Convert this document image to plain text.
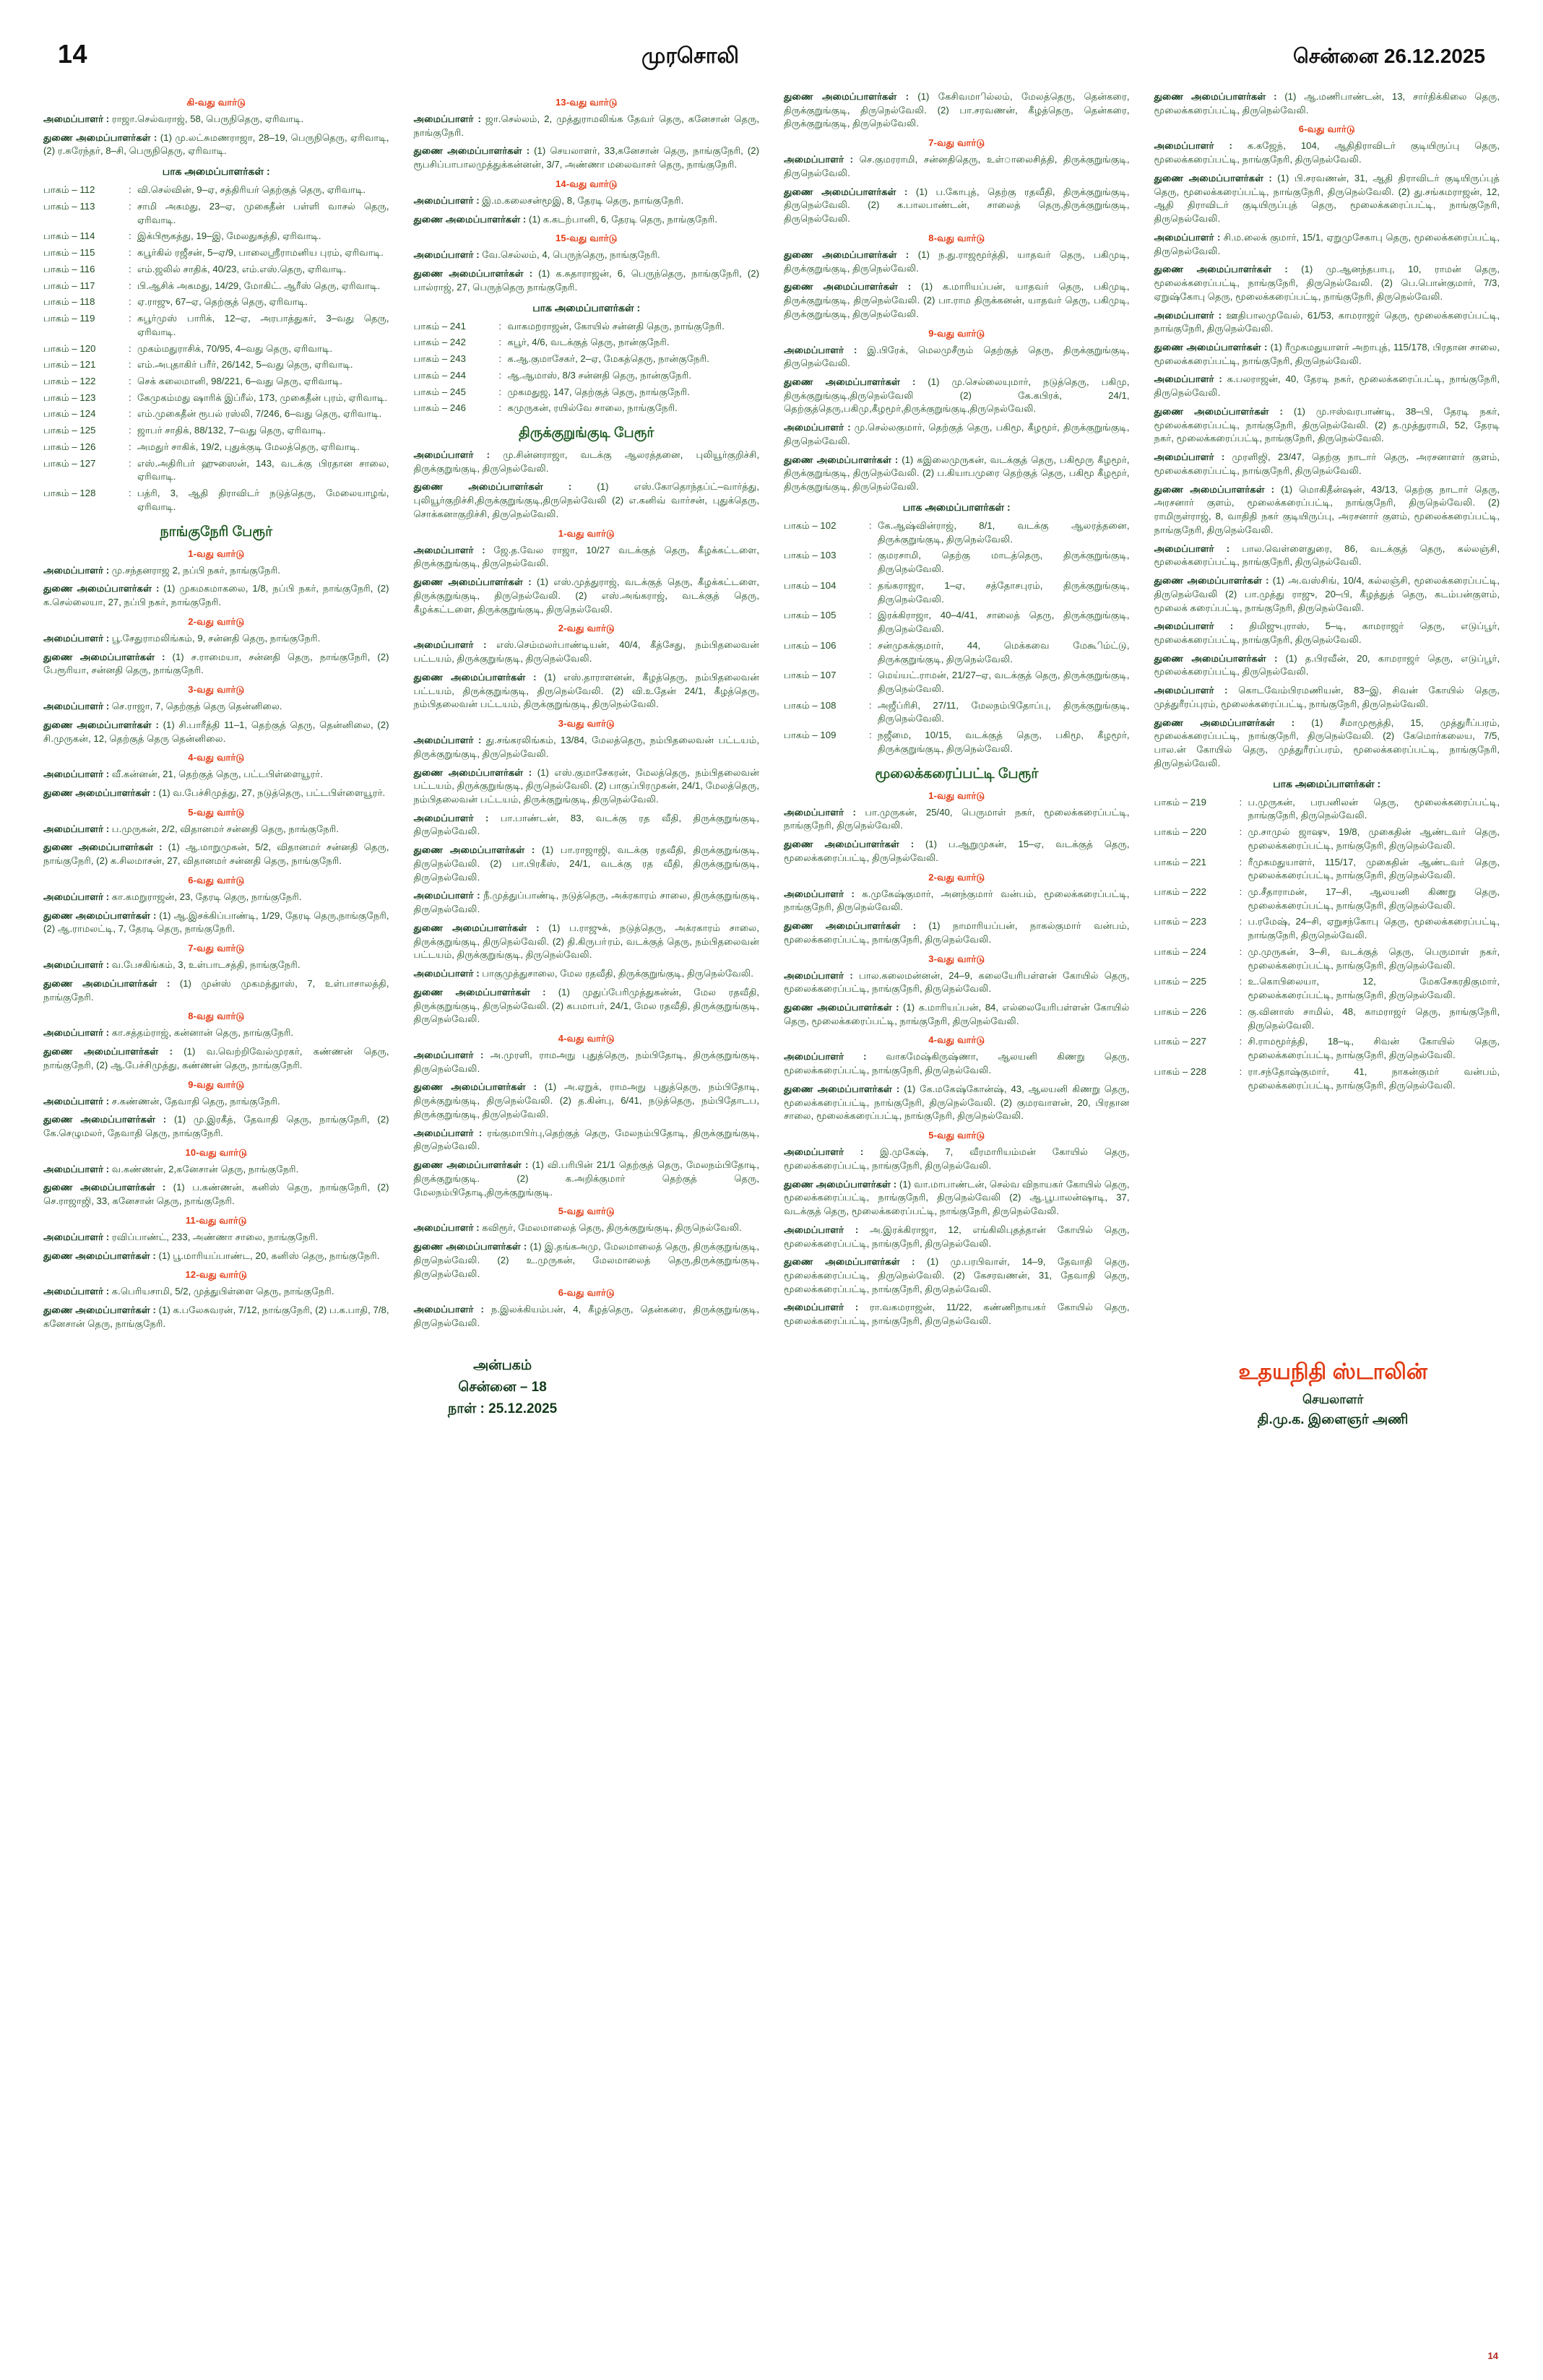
14	முரசொலி	சென்னை 26.12.2025
கி-வது வார்டு

அமைப்பாளர் : ராஜா.செல்வராஜ், 58, பெருநிதெரு, ஏரிவாடி.

துணை அமைப்பாளர்கள் : (1) மு.லட்சுமணராஜா, 28–19, பெருநிதெரு, ஏரிவாடி, (2) ர.சுரேந்தர், 8–சி, பெருநிதெரு, ஏரிவாடி.

பாக அமைப்பாளர்கள் :
பாகம் – 112	: வி.செல்வின், 9–ஏ, சத்திரியர் தெற்குத் தெரு, ஏரிவாடி.
பாகம் – 113	: சாமி அகமது, 23–ஏ, முகைதீன் பள்ளி வாசல் தெரு, ஏரிவாடி.
பாகம் – 114	: இக்பிரூகத்து, 19–இ, மேலதுகத்தி, ஏரிவாடி.
பாகம் – 115	: கபூர்கில் ரஜீசன், 5–ஏ/9, பாலைஸ்ரீராமனிய புரம், ஏரிவாடி.
பாகம் – 116	: எம்.ஜலில் சாதிக், 40/23, எம்.எஸ்.தெரு, ஏரிவாடி.
பாகம் – 117	: பி.ஆசிக் அகமது, 14/29, மோகிட். ஆரீஸ் தெரு, ஏரிவாடி.
பாகம் – 118	: ஏ.ராஜு, 67–ஏ, தெற்குத் தெரு, ஏரிவாடி.
பாகம் – 119	: கபூர்முஸ் பாரிக், 12–ஏ, அரபாத்துகர், 3–வது தெரு, ஏரிவாடி.
பாகம் – 120	: முகம்மதுராசிக், 70/95, 4–வது தெரு, ஏரிவாடி.
பாகம் – 121	: எம்.அபுதாகிர் பரீர், 26/142, 5–வது தெரு, ஏரிவாடி.
பாகம் – 122	: செக் கலைமானி, 98/221, 6–வது தெரு, ஏரிவாடி.
பாகம் – 123	: கேமுகம்மது ஷாரிக் இப்ரீல், 173, முகைதீன் புரம், ஏரிவாடி.
பாகம் – 124	: எம்.முகைதீன் ரூபல் ரஸ்லி, 7/246, 6–வது தெரு, ஏரிவாடி.
பாகம் – 125	: ஜாபர் சாதிக், 88/132, 7–வது தெரு, ஏரிவாடி.
பாகம் – 126	: அமதுர் சாகிக், 19/2, புதுக்குடி மேலத்தெரு, ஏரிவாடி.
பாகம் – 127	: எஸ்.அதிரிபர் ஹுஸைன், 143, வடக்கு பிரதான சாலை, ஏரிவாடி.
பாகம் – 128	: பத்ரி, 3, ஆதி திராவிடர் நடுத்தெரு, மேலையாழங், ஏரிவாடி.
நாங்குநேரி பேரூர்
1-வது வார்டு

அமைப்பாளர் : மு.சந்தனராஜ 2, நப்பி நகர், நாங்குநேரி.

துணை அமைப்பாளர்கள் : (1) முகமகமாகலை, 1/8, நப்பி நகர், நாங்குநேரி, (2) க.செல்லையா, 27, நப்பி நகர், நாங்குநேரி.

2-வது வார்டு

அமைப்பாளர் : பூ.சேதுராமலிங்கம், 9, சன்னதி தெரு, நாங்குநேரி.

துணை அமைப்பாளர்கள் : (1) ச.ராமையா, சன்னதி தெரு, நாங்குநேரி, (2) பேரூரியா, சன்னதி தெரு, நாங்குநேரி.

3-வது வார்டு

அமைப்பாளர் : செ.ராஜா, 7, தெற்குத் தெரு தென்னிலை.

துணை அமைப்பாளர்கள் : (1) சி.பாரீத்தி 11–1, தெற்குத் தெரு, தென்னிலை, (2) சி.முருகன், 12, தெற்குத் தெரு தென்னிலை.

4-வது வார்டு

அமைப்பாளர் : வீ.கன்னன், 21, தெற்குத் தெரு, பட்டபிள்ளையூரர்.

துணை அமைப்பாளர்கள் : (1) வ.பேச்சிமுத்து, 27, நடுத்தெரு, பட்டபிள்ளையூரர்.

5-வது வார்டு

அமைப்பாளர் : ப.முருகன், 2/2, விதானமர் சன்னதி தெரு, நாங்குநேரி.

துணை அமைப்பாளர்கள் : (1) ஆ.மாறுமுகன், 5/2, விதானமர் சன்னதி தெரு, நாங்குநேரி, (2) க.சிலமாசன், 27, விதானமர் சன்னதி தெரு, நாங்குநேரி.

6-வது வார்டு

அமைப்பாளர் : கா.கமறுராஜன், 23, தேரடி தெரு, நாங்குநேரி.

துணை அமைப்பாளர்கள் : (1) ஆ.இசக்கிப்பாண்டி, 1/29, தேரடி தெரு,நாங்குநேரி, (2) ஆ.ராமலட்டி, 7, தேரடி தெரு, நாங்குநேரி.

7-வது வார்டு

அமைப்பாளர் : வ.பேசகிங்கம், 3, உள்பாடசத்தி, நாங்குநேரி.

துணை அமைப்பாளர்கள் : (1) முன்ஸ் முகமத்துாஸ், 7, உள்பாசாலத்தி, நாங்குநேரி.

8-வது வார்டு

அமைப்பாளர் : கா.சத்தம்ராஜ், கன்னான் தெரு, நாங்குநேரி.

துணை அமைப்பாளர்கள் : (1) வ.வெற்றிவேல்முரகர், கண்ணன் தெரு, நாங்குநேரி, (2) ஆ.பேச்சிமுத்து, கண்ணன் தெரு, நாங்குநேரி.

9-வது வார்டு

அமைப்பாளர் : ச.கண்ணன், தேவாதி தெரு, நாங்குநேரி.

துணை அமைப்பாளர்கள் : (1) மு.இரகீத், தேவாதி தெரு, நாங்குநேரி, (2) கே.செழுமலர், தேவாதி தெரு, நாங்குநேரி.

10-வது வார்டு

அமைப்பாளர் : வ.கண்ணன், 2,கனேசான் தெரு, நாங்குநேரி.

துணை அமைப்பாளர்கள் : (1) ப.கண்ணன், கனிஸ் தெரு, நாங்குநேரி, (2) செ.ராஜாஜி, 33, கனேசான் தெரு, நாங்குநேரி.

11-வது வார்டு

அமைப்பாளர் : ரவிப்பாண்ட், 233, அண்ணா சாலை, நாங்குநேரி.

துணை அமைப்பாளர்கள் : (1) பூ.மாரியப்பாண்ட, 20, கனிஸ் தெரு, நாங்குநேரி.

12-வது வார்டு

அமைப்பாளர் : க.பெரியசாமி, 5/2, முத்துபிள்ளை தெரு, நாங்குநேரி.

துணை அமைப்பாளர்கள் : (1) க.பலேசுவரன், 7/12, நாங்குநேரி, (2) ப.க.பாதி, 7/8, கனேசான் தெரு, நாங்குநேரி.

13-வது வார்டு

அமைப்பாளர் : ஜா.செல்லம், 2, முத்துராமலிங்க தேவர் தெரு, கனேசான் தெரு, நாங்குநேரி.

துணை அமைப்பாளர்கள் : (1) செயலாளர், 33,கனேசான் தெரு, நாங்குநேரி, (2) ரூபசிப்பாபாலமுத்துக்கன்னன், 3/7, அண்ணா மலைவாசர் தெரு, நாங்குநேரி.

14-வது வார்டு

அமைப்பாளர் : இ.ம.கலைசன்மூஇ, 8, தேரடி தெரு, நாங்குநேரி.

துணை அமைப்பாளர்கள் : (1) க.கடற்பானி, 6, தேரடி தெரு, நாங்குநேரி.

15-வது வார்டு

அமைப்பாளர் : வே.செல்லம், 4, பெருந்தெரு, நாங்குநேரி.

துணை அமைப்பாளர்கள் : (1) க.சுதாராஜன், 6, பெருந்தெரு, நாங்குநேரி, (2) பால்ராஜ், 27, பெருந்தெரு நாங்குநேரி.

பாக அமைப்பாளர்கள் :
பாகம் – 241	: வாகமறராஜன், கோயில் சன்னதி தெரு, நாங்குநேரி.
பாகம் – 242	: கபூர், 4/6, வடக்குத் தெரு, நான்குநேரி.
பாகம் – 243	: க.ஆ.குமாசேகர், 2–ஏ, மேகத்தெரு, நான்குநேரி.
பாகம் – 244	: ஆ.ஆமாஸ், 8/3 சன்னதி தெரு, நான்குநேரி.
பாகம் – 245	: முகமதுஜ, 147, தெற்குத் தெரு, நாங்குநேரி.
பாகம் – 246	: கமுருகன், ரயில்வே சாலை, நாங்குநேரி.
திருக்குறுங்குடி பேரூர்

அமைப்பாளர் : மு.சின்னராஜா, வடக்கு ஆலரத்தனை, புலியூர்குறிச்சி, திருக்குறுங்குடி, திருநெல்வேலி.

துணை அமைப்பாளர்கள் : (1) எஸ்.கோதொந்தப்ட்–வார்த்து, புலியூர்குறிச்சி,திருக்குறுங்குடி,திருநெல்வேலி (2) எ.கனிவ் வார்சன், புதுக்தெரு, சொக்கனாகுறிச்சி, திருநெல்வேலி.

1-வது வார்டு

அமைப்பாளர் : ஜே.த.வேல ராஜா, 10/27 வடக்குத் தெரு, கீழக்கட்டளை, திருக்குறுங்குடி, திருநெல்வேலி.

துணை அமைப்பாளர்கள் : (1) எஸ்.முத்துராஜ், வடக்குத் தெரு, கீழக்கட்டளை, திருக்குறுங்குடி, திருநெல்வேலி. (2) எஸ்.அங்கராஜ், வடக்குத் தெரு, கீழக்கட்டளை, திருக்குறுங்குடி, திருநெல்வேலி.

2-வது வார்டு

அமைப்பாளர் : எஸ்.செம்மலர்பாண்டியன், 40/4, கீத்சேது, நம்பிதலைவன் பட்டயம், திருக்குறுங்குடி, திருநெல்வேலி.

துணை அமைப்பாளர்கள் : (1) எஸ்.தாராளனன், கீழத்தெரு, நம்பிதலைவன் பட்டயம், திருக்குறுங்குடி, திருநெல்வேலி. (2) வி.உதேன் 24/1, கீழத்தெரு, நம்பிதலைவன் பட்டயம், திருக்குறுங்குடி, திருநெல்வேலி.

3-வது வார்டு

அமைப்பாளர் : து.சங்கரலிங்கம், 13/84, மேலத்தெரு, நம்பிதலைவன் பட்டயம், திருக்குறுங்குடி, திருநெல்வேலி.

துணை அமைப்பாளர்கள் : (1) எஸ்.குமாசேகரன், மேலத்தெரு, நம்பிதலைவன் பட்டயம், திருக்குறுங்குடி, திருநெல்வேலி. (2) பாகுப்பிரமுகன், 24/1, மேலத்தெரு, நம்பிதலைவன் பட்டயம், திருக்குறுங்குடி, திருநெல்வேலி.

அமைப்பாளர் : பா.பாண்டன், 83, வடக்கு ரத வீதி, திருக்குறுங்குடி, திருநெல்வேலி.

துணை அமைப்பாளர்கள் : (1) பா.ராஜாஜி, வடக்கு ரதவீதி, திருக்குறுங்குடி, திருநெல்வேலி. (2) பா.பிரகீஸ், 24/1, வடக்கு ரத வீதி, திருக்குறுங்குடி, திருநெல்வேலி.

அமைப்பாளர் : நீ.முத்துப்பாண்டி, நடுத்தெரு, அக்ரகாரம் சாலை, திருக்குறுங்குடி, திருநெல்வேலி.

துணை அமைப்பாளர்கள் : (1) ப.ராஜுக், நடுத்தெரு, அக்ரகாரம் சாலை, திருக்குறுங்குடி, திருநெல்வேலி. (2) தி.கிருபா்ரம், வடக்குத் தெரு, நம்பிதலைவன் பட்டயம், திருக்குறுங்குடி, திருநெல்வேலி.

அமைப்பாளர் : பாகுமுத்துசாலை, மேல ரதவீதி, திருக்குறுங்குடி, திருநெல்வேலி.

துணை அமைப்பாளர்கள் : (1) முதுப்பேரிமுத்துகன்ன், மேல ரதவீதி, திருக்குறுங்குடி, திருநெல்வேலி. (2) கபமாபர், 24/1, மேல ரதவீதி, திருக்குறுங்குடி, திருநெல்வேலி.

4-வது வார்டு

அமைப்பாளர் : அ.முரளி, ராமஅநு புதுத்தெரு, நம்பிதோடி, திருக்குறுங்குடி, திருநெல்வேலி.

துணை அமைப்பாளர்கள் : (1) அ.ஏறுக், ராமஅநு புதுத்தெரு, நம்பிதோடி, திருக்குறுங்குடி, திருநெல்வேலி. (2) த.கின்பு, 6/41, நடுத்தெரு, நம்பிதோடப, திருக்குறுங்குடி, திருநெல்வேலி.

அமைப்பாளர் : ரங்குமாபிர்பு,தெற்குத் தெரு, மேலநம்பிதோடி, திருக்குறுங்குடி, திருநெல்வேலி.

துணை அமைப்பாளர்கள் : (1) வி.பரிபின் 21/1 தெற்குத் தெரு, மேலநம்பிதோடி, திருக்குறுங்குடி. (2) க.அறிக்குமார் தெற்குத் தெரு, மேலநம்பிதோடி,திருக்குறுங்குடி.

5-வது வார்டு

அமைப்பாளர் : கவிரூர், மேலமாலைத் தெரு, திருக்குறுங்குடி, திருநெல்வேலி.

துணை அமைப்பாளர்கள் : (1) இ.தங்கஅமு, மேலமாலைத் தெரு, திருக்குறுங்குடி, திருநெல்வேலி. (2) உ.முருகன், மேலமாலைத் தெரு,திருக்குறுங்குடி, திருநெல்வேலி.

6-வது வார்டு

அமைப்பாளர் : ந.இலக்கியம்பன், 4, கீழத்தெரு, தென்கரை, திருக்குறுங்குடி, திருநெல்வேலி.

துணை அமைப்பாளர்கள் : (1) கேசிவமாில்லம், மேலத்தெரு, தென்கரை, திருக்குறுங்குடி, திருநெல்வேலி. (2) பா.சரவணன், கீழத்தெரு, தென்கரை, திருக்குறுங்குடி, திருநெல்வேலி.

7-வது வார்டு

அமைப்பாளர் : செ.குமரராமி, சன்னதிதெரு, உள்ாலைசித்தி, திருக்குறுங்குடி, திருநெல்வேலி.

துணை அமைப்பாளர்கள் : (1) ப.கோபுத், தெற்கு ரதவீதி, திருக்குறுங்குடி, திருநெல்வேலி. (2) க.பாலபாண்டன், சாலைத் தெரு,திருக்குறுங்குடி, திருநெல்வேலி.

8-வது வார்டு

துணை அமைப்பாளர்கள் : (1) ந.து.ராஜமூர்த்தி, யாதவர் தெரு, பகிமுடி, திருக்குறுங்குடி, திருநெல்வேலி.

துணை அமைப்பாளர்கள் : (1) க.மாரியப்பன், யாதவர் தெரு, பகிமுடி, திருக்குறுங்குடி, திருநெல்வேலி. (2) பா.ராம திருக்கனன், யாதவர் தெரு, பகிமுடி, திருக்குறுங்குடி, திருநெல்வேலி.

9-வது வார்டு

அமைப்பாளர் : இ.பிரேக், மெலமுசீரும் தெற்குத் தெரு, திருக்குறுங்குடி, திருநெல்வேலி.

துணை அமைப்பாளர்கள் : (1) மு.செல்லையுமார், நடுத்தெரு, பகிமு, திருக்குறுங்குடி,திருநெல்வேலி (2) கே.கபிரக், 24/1, தெற்குத்தெரு,பகிமு,கீழமூர்,திருக்குறுங்குடி,திருநெல்வேலி.

அமைப்பாளர் : மு.செல்லகுமார், தெற்குத் தெரு, பகிமூ, கீழமூர், திருக்குறுங்குடி, திருநெல்வேலி.

துணை அமைப்பாளர்கள் : (1) கஇலைமுருகன், வடக்குத் தெரு, பகிமூரு கீழமூர், திருக்குறுங்குடி, திருநெல்வேலி. (2) ப.கியாபமுரை தெற்குத் தெரு, பகிமூ கீழமூர், திருக்குறுங்குடி, திருநெல்வேலி.

பாக அமைப்பாளர்கள் :
பாகம் – 102	: கே.ஆஷ்வின்ராஜ், 8/1, வடக்கு ஆலரத்தனை, திருக்குறுங்குடி, திருநெல்வேலி.
பாகம் – 103	: குமரசாமி, தெற்கு மாடத்தெரு, திருக்குறுங்குடி, திருநெல்வேலி.
பாகம் – 104	: தங்கராஜா, 1–ஏ, சத்தோசபுரம், திருக்குறுங்குடி, திருநெல்வேலி.
பாகம் – 105	: இரக்கிராஜா, 40–4/41, சாலைத் தெரு, திருக்குறுங்குடி, திருநெல்வேலி.
பாகம் – 106	: சன்முகக்குமார், 44, மெக்கவை மேகூிம்ட்டு, திருக்குறுங்குடி, திருநெல்வேலி.
பாகம் – 107	: மெய்யட்.ராமன், 21/27–ஏ, வடக்குத் தெரு, திருக்குறுங்குடி, திருநெல்வேலி.
பாகம் – 108	: அஜீப்ரிசி, 27/11, மேலநம்பிதோப்பு, திருக்குறுங்குடி, திருநெல்வேலி.
பாகம் – 109	: நஜீமை, 10/15, வடக்குத் தெரு, பகிமூ, கீழமூர், திருக்குறுங்குடி, திருநெல்வேலி.
மூலைக்கரைப்பட்டி பேரூர்
1-வது வார்டு

அமைப்பாளர் : பா.முருகன், 25/40, பெருமாள் நகர், மூலைக்கரைப்பட்டி, நாங்குநேரி, திருநெல்வேலி.

துணை அமைப்பாளர்கள் : (1) ப.ஆறுமுகன், 15–ஏ, வடக்குத் தெரு, மூலைக்கரைப்பட்டி, திருநெல்வேலி.

2-வது வார்டு

அமைப்பாளர் : க.முகேஷ்குமார், அனந்குமார் வன்பம், மூலைக்கரைப்பட்டி, நாங்குநேரி, திருநெல்வேலி.

துணை அமைப்பாளர்கள் : (1) நாமாரியப்பன், நாகல்குமார் வன்பம், மூலைக்கரைப்பட்டி, நாங்குநேரி, திருநெல்வேலி.

3-வது வார்டு

அமைப்பாளர் : பால.கலைமன்னன், 24–9, கலையேரிபள்ளன் கோயில் தெரு, மூலைக்கரைப்பட்டி, நாங்குநேரி, திருநெல்வேலி.

துணை அமைப்பாளர்கள் : (1) க.மாரியப்பன், 84, எல்லையேரிபள்ளன் கோயில் தெரு, மூலைக்கரைப்பட்டி, நாங்குநேரி, திருநெல்வேலி.

4-வது வார்டு

அமைப்பாளர் : வாகமேஷ்கிருஷ்ணா, ஆலயனி கிணறு தெரு, மூலைக்கரைப்பட்டி, நாங்குநேரி, திருநெல்வேலி.

துணை அமைப்பாளர்கள் : (1) கே.மகேஷ்கோன்ஷ், 43, ஆலயனி கிணறு தெரு, மூலைக்கரைப்பட்டி, நாங்குநேரி, திருநெல்வேலி. (2) குமரவாளன், 20, பிரதான சாலை, மூலைக்கரைப்பட்டி, நாங்குநேரி, திருநெல்வேலி.

5-வது வார்டு

அமைப்பாளர் : இ.முகேஷ், 7, வீரமாரியம்மன் கோயில் தெரு, மூலைக்கரைப்பட்டி, நாங்குநேரி, திருநெல்வேலி.

துணை அமைப்பாளர்கள் : (1) வா.மாபாண்டன், செல்வ விநாயகர் கோயில் தெரு, மூலைக்கரைப்பட்டி, நாங்குநேரி, திருநெல்வேலி (2) ஆ.பூபாலன்ஷாடி, 37, வடக்குத் தெரு, மூலைக்கரைப்பட்டி, நாங்குநேரி, திருநெல்வேலி.

அமைப்பாளர் : அ.இரக்கிராஜா, 12, எங்கிலிபுதத்தான் கோயில் தெரு, மூலைக்கரைப்பட்டி, நாங்குநேரி, திருநெல்வேலி.

துணை அமைப்பாளர்கள் : (1) மு.பரபிவாள், 14–9, தேவாதி தெரு, மூலைக்கரைப்பட்டி, திருநெல்வேலி. (2) கேசரவணன், 31, தேவாதி தெரு, மூலைக்கரைப்பட்டி, நாங்குநேரி, திருநெல்வேலி.

அமைப்பாளர் : ரா.வகமராஜன், 11/22, கண்ணிநாயகர் கோயில் தெரு, மூலைக்கரைப்பட்டி, நாங்குநேரி, திருநெல்வேலி.

துணை அமைப்பாளர்கள் : (1) ஆ.மணிபாண்டன், 13, சார்திக்கிலை தெரு, மூலைக்கரைப்பட்டி, திருநெல்வேலி.

6-வது வார்டு

அமைப்பாளர் : க.கஜேந், 104, ஆதிதிராவிடர் குடியிருப்பு தெரு, மூலைக்கரைப்பட்டி, நாங்குநேரி, திருநெல்வேலி.

துணை அமைப்பாளர்கள் : (1) பி.சரவணன், 31, ஆதி திராவிடர் குடியிருப்புத் தெரு, மூலைக்கரைப்பட்டி, நாங்குநேரி, திருநெல்வேலி. (2) து.சங்கமராஜன், 12, ஆதி திராவிடர் குடியிருப்புத் தெரு, மூலைக்கரைப்பட்டி, நாங்குநேரி, திருநெல்வேலி.

அமைப்பாளர் : சி.ம.லைக் குமார், 15/1, ஏறுமுசேகாபு தெரு, மூலைக்கரைப்பட்டி, திருநெல்வேலி.

துணை அமைப்பாளர்கள் : (1) மு.ஆனந்தபாபு, 10, ராமன் தெரு, மூலைக்கரைப்பட்டி, நாங்குநேரி, திருநெல்வேலி. (2) பெ.பொன்குமார், 7/3, ஏறுஷ்கோபு தெரு, மூலைக்கரைப்பட்டி, நாங்குநேரி, திருநெல்வேலி.

அமைப்பாளர் : ஊதிபாலமுவேல், 61/53, காமராஜர் தெரு, மூலைக்கரைப்பட்டி, நாங்குநேரி, திருநெல்வேலி.

துணை அமைப்பாளர்கள் : (1) ரீமுகமதுயாளர் அறாபுத், 115/178, பிரதான சாலை, மூலைக்கரைப்பட்டி, நாங்குநேரி, திருநெல்வேலி.

அமைப்பாளர் : க.பலராஜன், 40, தேரடி நகர், மூலைக்கரைப்பட்டி, நாங்குநேரி, திருநெல்வேலி.

துணை அமைப்பாளர்கள் : (1) மு.ஈஸ்வரபாண்டி, 38–பி, தேரடி நகர், மூலைக்கரைப்பட்டி, நாங்குநேரி, திருநெல்வேலி. (2) த.முத்துராமி, 52, தேரடி நகர், மூலைக்கரைப்பட்டி, நாங்குநேரி, திருநெல்வேலி.

அமைப்பாளர் : முரளிஜி, 23/47, தெற்கு நாடார் தெரு, அரசனாளர் குளம், மூலைக்கரைப்பட்டி, நாங்குநேரி, திருநெல்வேலி.

துணை அமைப்பாளர்கள் : (1) மொகிதீன்ஷன், 43/13, தெற்கு நாடார் தெரு, அரசனார் குளம், மூலைக்கரைப்பட்டி, நாங்குநேரி, திருநெல்வேலி. (2) ராமிருள்ராஜ், 8, வாதிதி நகர் குடியிருப்பு, அரசனார் குளம், மூலைக்கரைப்பட்டி, நாங்குநேரி, திருநெல்வேலி.

அமைப்பாளர் : பால.வெள்ளைதுரை, 86, வடக்குத் தெரு, கல்லஞ்சி, மூலைக்கரைப்பட்டி, நாங்குநேரி, திருநெல்வேலி.

துணை அமைப்பாளர்கள் : (1) அ.வஸ்சிங், 10/4, கல்லஞ்சி, மூலைக்கரைப்பட்டி, திருநெல்வேலி (2) பா.முத்து ராஜு, 20–பி, கீழத்துத் தெரு, கடம்பன்குளம், மூலைக் கரைப்பட்டி, நாங்குநேரி, திருநெல்வேலி.

அமைப்பாளர் : திமிஜுபுராஸ், 5–டி, காமராஜர் தெரு, எடுப்பூர், மூலைக்கரைப்பட்டி, நாங்குநேரி, திருநெல்வேலி.

துணை அமைப்பாளர்கள் : (1) த.பிரவீன், 20, காமராஜர் தெரு, எடுப்பூர், மூலைக்கரைப்பட்டி, திருநெல்வேலி.

அமைப்பாளர் : கொடவேம்பிரமணியன், 83–இ, சிவன் கோயில் தெரு, முத்துரீரப்புரம், மூலைக்கரைப்பட்டி, நாங்குநேரி, திருநெல்வேலி.

துணை அமைப்பாளர்கள் : (1) சீமாமுரூத்தி, 15, முத்துரீப்பரம், மூலைக்கரைப்பட்டி, நாங்குநேரி, திருநெல்வேலி. (2) கேமொர்கலைய, 7/5, பால.ன் கோயில் தெரு, முத்துரீரப்பரம், மூலைக்கரைப்பட்டி, நாங்குநேரி, திருநெல்வேலி.

பாக அமைப்பாளர்கள் :
பாகம் – 219	: ப.முருகன், பரபனிலன் தெரு, மூலைக்கரைப்பட்டி, நாங்குநேரி, திருநெல்வேலி.
பாகம் – 220	: மு.சாமுல் ஜாஷு, 19/8, முகைதின் ஆண்டவர் தெரு, மூலைக்கரைப்பட்டி, நாங்குநேரி, திருநெல்வேலி.
பாகம் – 221	: ரீமுகமதுயாளர், 115/17, முகைதின் ஆண்டவர் தெரு, மூலைக்கரைப்பட்டி, நாங்குநேரி, திருநெல்வேலி.
பாகம் – 222	: மு.சீதாராமன், 17–சி, ஆலயனி கிணறு தெரு, மூலைக்கரைப்பட்டி, நாங்குநேரி, திருநெல்வேலி.
பாகம் – 223	: ப.ரமேஷ், 24–சி, ஏறுசந்கோபு தெரு, மூலைக்கரைப்பட்டி, நாங்குநேரி, திருநெல்வேலி.
பாகம் – 224	: மு.முருகன், 3–சி, வடக்குத் தெரு, பெருமாள் நகர், மூலைக்கரைப்பட்டி, நாங்குநேரி, திருநெல்வேலி.
பாகம் – 225	: உ.கொபிலையா, 12, மேகசேகரதிகுமார், மூலைக்கரைப்பட்டி, நாங்குநேரி, திருநெல்வேலி.
பாகம் – 226	: கு.வினாஸ் சாமில், 48, காமராஜர் தெரு, நாங்குநேரி, திருநெல்வேலி.
பாகம் – 227	: சி.ராமமூர்த்தி, 18–டி, சிவன் கோயில் தெரு, மூலைக்கரைப்பட்டி, நாங்குநேரி, திருநெல்வேலி.
பாகம் – 228	: ரா.சந்தோஷ்குமார், 41, நாகன்குமர் வன்பம், மூலைக்கரைப்பட்டி, நாங்குநேரி, திருநெல்வேலி.
அன்பகம்
சென்னை – 18
நாள் : 25.12.2025
உதயநிதி ஸ்டாலின்
செயலாளர்
தி.மு.க. இளைஞர் அணி
14
